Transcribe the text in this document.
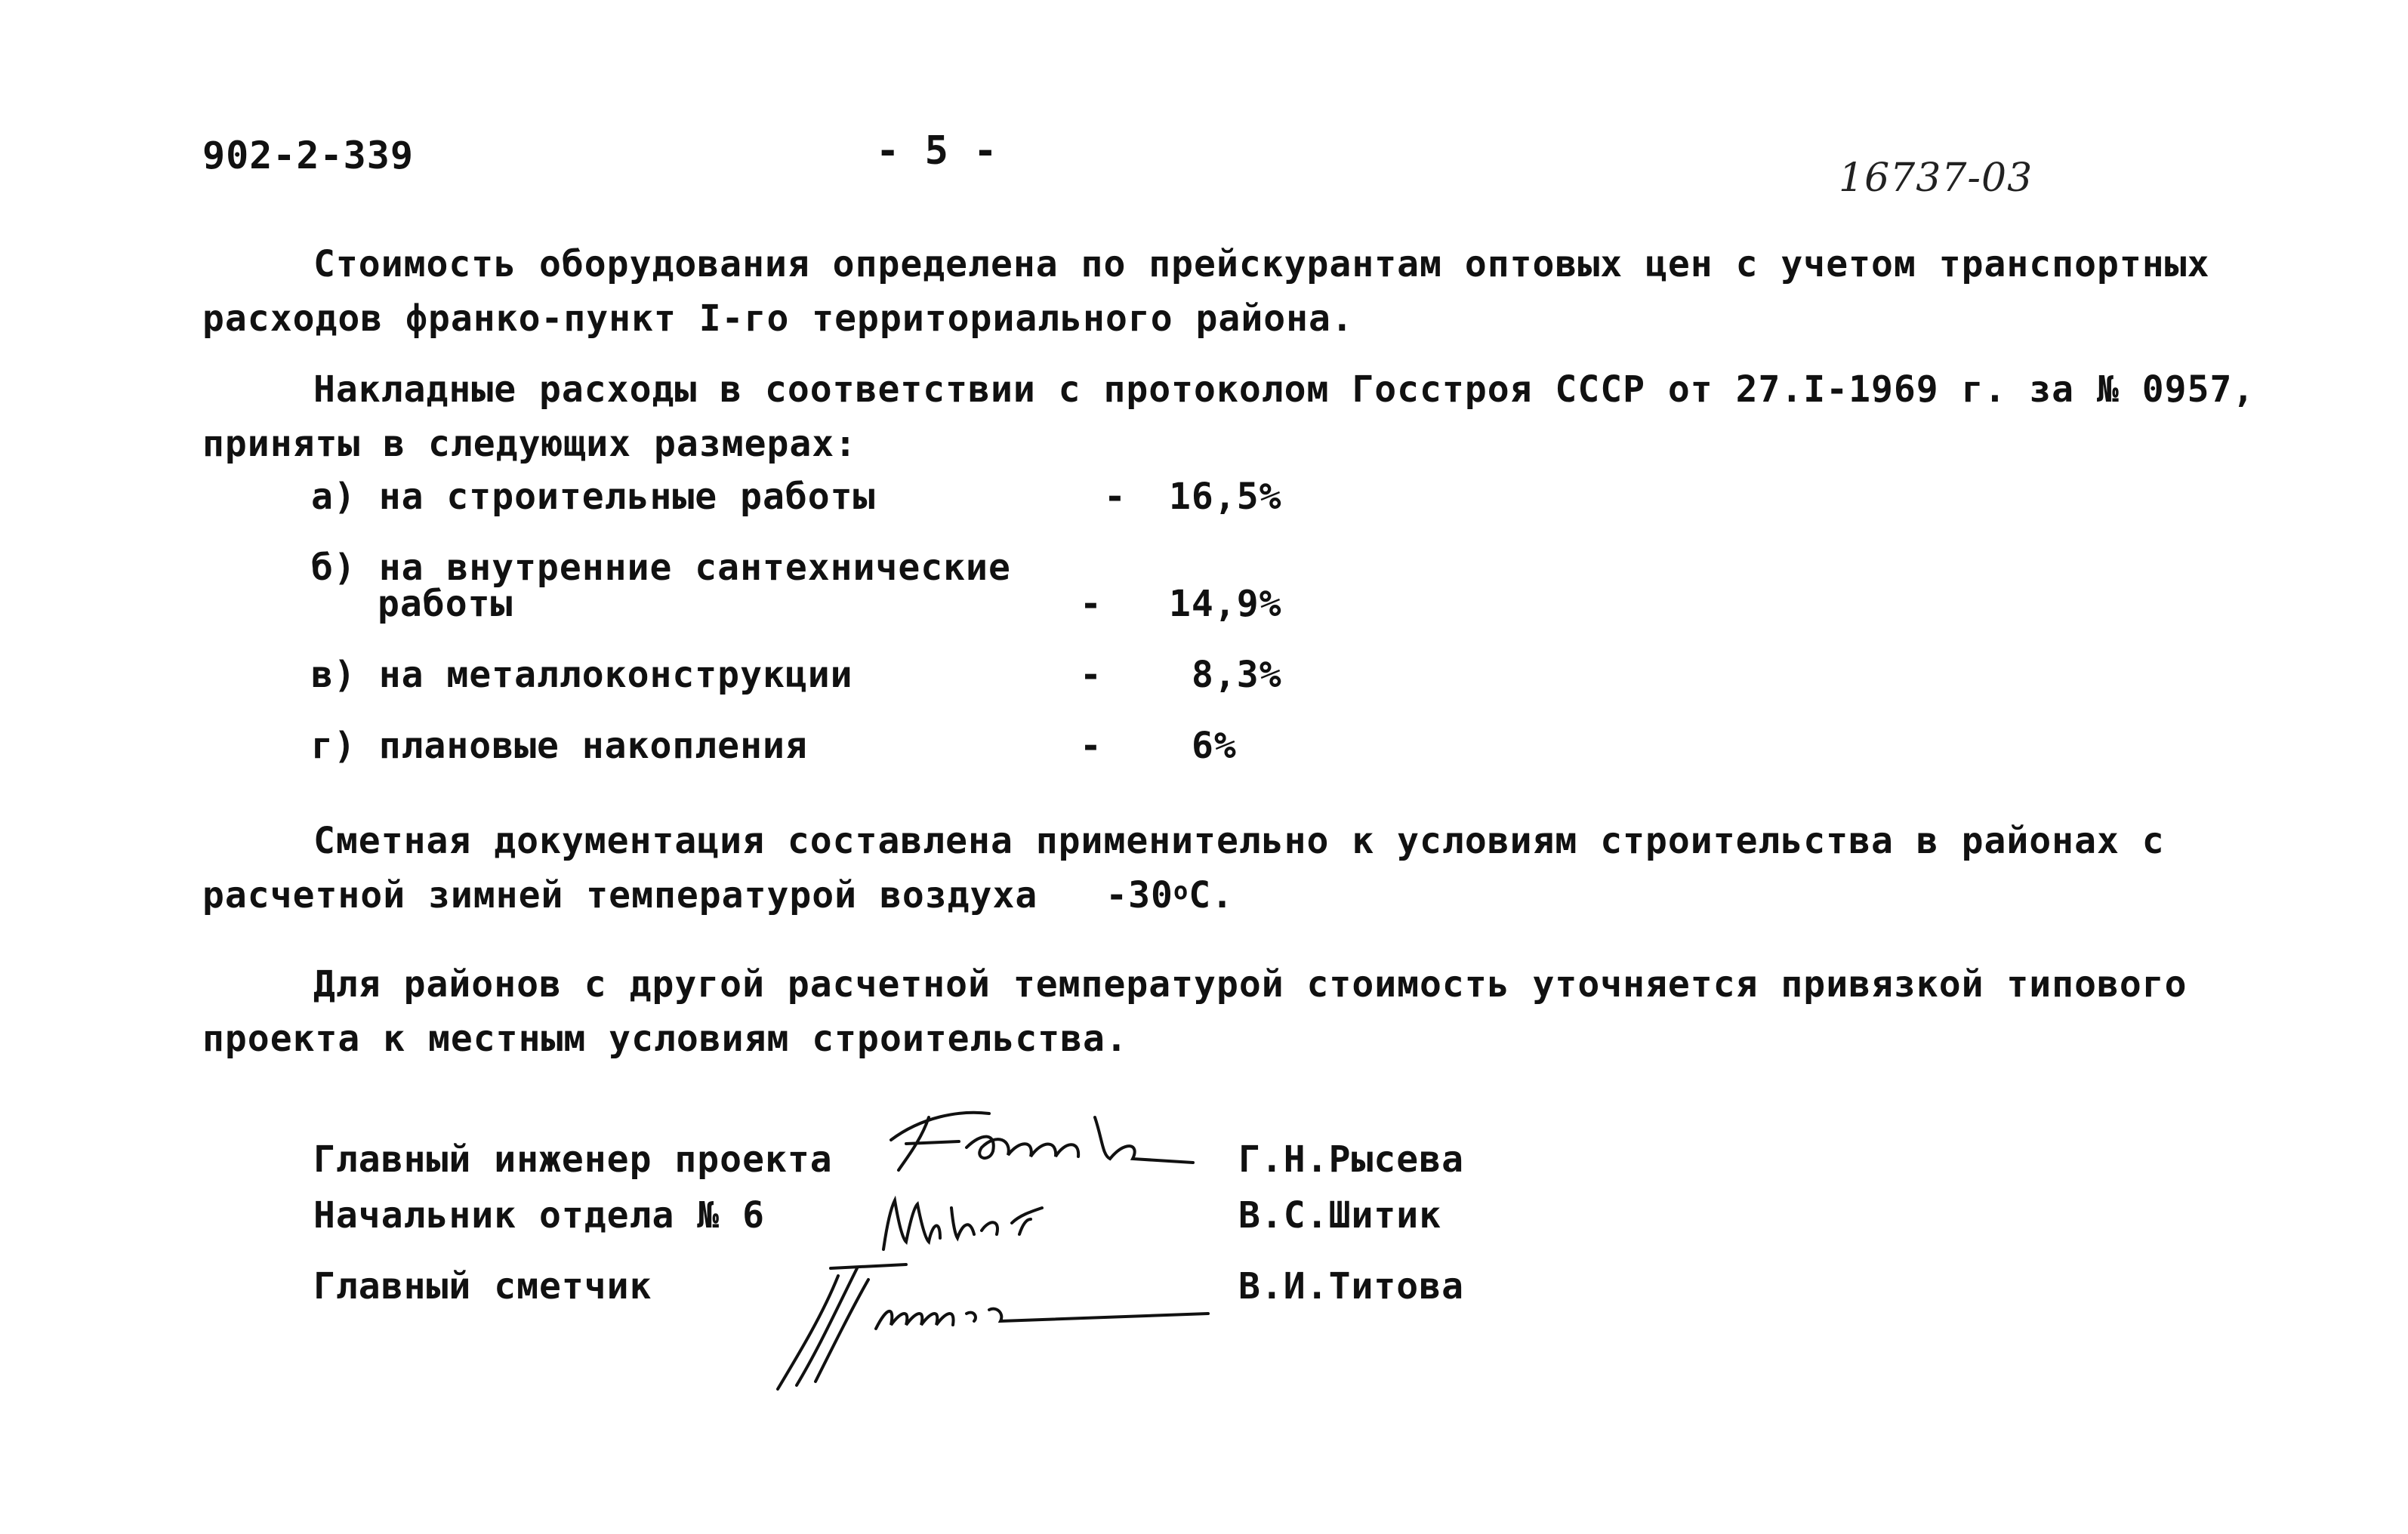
902-2-339	- 5 -
16737-03
Стоимость оборудования определена по прейскурантам оптовых цен с учетом транспортных
расходов франко-пункт I-го территориального района.
Накладные расходы в соответствии с протоколом Госстроя СССР от 27.I-1969 г. за № 0957,
приняты в следующих размерах:
а) на строительные работы	- 16,5%
б) на внутренние сантехнические
работы	- 14,9%
в) на металлоконструкции	- 8,3%
г) плановые накопления	- 6%
Сметная документация составлена применительно к условиям строительства в районах с
расчетной зимней температурой воздуха $-30^оС$.
Для районов с другой расчетной температурой стоимость уточняется привязкой типового
проекта к местным условиям строительства.
Главный инженер проекта	Г.Н.Рысева
Начальник отдела № 6	В.С.Шитик
Главный сметчик	В.И.Титова
